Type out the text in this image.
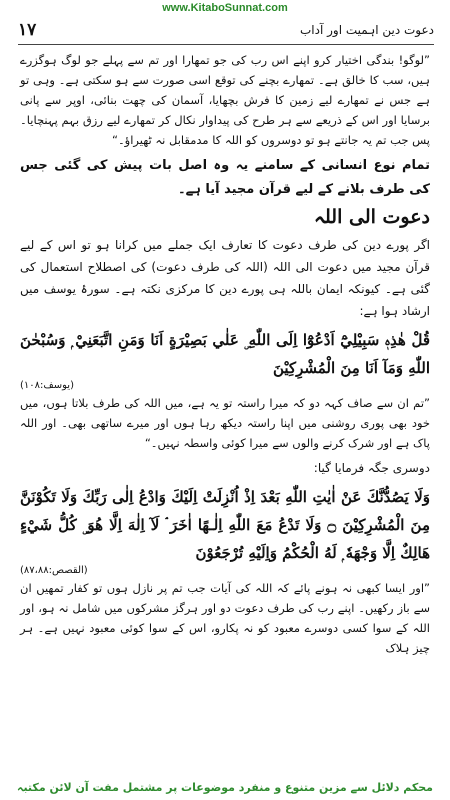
www.KitaboSunnat.com
۱۷	دعوت دین اہمیت اور آداب

”لوگو! بندگی اختیار کرو اپنے اس رب کی جو تمھارا اور تم سے پہلے جو لوگ ہوگزرے ہیں، سب کا خالق ہے۔ تمھارے بچنے کی توقع اسی صورت سے ہو سکتی ہے۔ وہی تو ہے جس نے تمھارے لیے زمین کا فرش بچھایا، آسمان کی چھت بنائی، اوپر سے پانی برسایا اور اس کے ذریعے سے ہر طرح کی پیداوار نکال کر تمھارے لیے رزق بہم پہنچایا۔ پس جب تم یہ جانتے ہو تو دوسروں کو اللہ کا مدمقابل نہ ٹھیراؤ۔“

تمام نوع انسانی کے سامنے یہ وہ اصل بات پیش کی گئی جس کی طرف بلانے کے لیے قرآن مجید آیا ہے۔

دعوت الی اللہ

اگر پورے دین کی طرف دعوت کا تعارف ایک جملے میں کرانا ہو تو اس کے لیے قرآن مجید میں دعوت الی اللہ (اللہ کی طرف دعوت) کی اصطلاح استعمال کی گئی ہے۔ کیونکہ ایمان باللہ ہی پورے دین کا مرکزی نکتہ ہے۔ سورۂ یوسف میں ارشاد ہوا ہے:

قُلْ هٰذِهٖ سَبِيْلِيْٓ اَدْعُوْٓا اِلَى اللّٰهِ ۣ عَلٰي بَصِيْرَةٍ اَنَا وَمَنِ اتَّبَعَنِيْ ۭ وَسُبْحٰنَ اللّٰهِ وَمَآ اَنَا مِنَ الْمُشْرِكِيْنَ
(یوسف:۱۰۸)

”تم ان سے صاف کہہ دو کہ میرا راستہ تو یہ ہے، میں اللہ کی طرف بلاتا ہوں، میں خود بھی پوری روشنی میں اپنا راستہ دیکھ رہا ہوں اور میرے ساتھی بھی۔ اور اللہ پاک ہے اور شرک کرنے والوں سے میرا کوئی واسطہ نہیں۔“

دوسری جگہ فرمایا گیا:

وَلَا يَصُدُّنَّكَ عَنْ اٰيٰتِ اللّٰهِ بَعْدَ اِذْ اُنْزِلَتْ اِلَيْكَ وَادْعُ اِلٰى رَبِّكَ وَلَا تَكُوْنَنَّ مِنَ الْمُشْرِكِيْنَ ۝ وَلَا تَدْعُ مَعَ اللّٰهِ اِلٰـهًا اٰخَرَ ۘ لَآ اِلٰهَ اِلَّا هُوَ ۣ كُلُّ شَيْءٍ هَالِكٌ اِلَّا وَجْهَهٗ ۭ لَهُ الْحُكْمُ وَاِلَيْهِ تُرْجَعُوْنَ
(القصص:۸۷،۸۸)

”اور ایسا کبھی نہ ہونے پائے کہ اللہ کی آیات جب تم پر نازل ہوں تو کفار تمھیں ان سے باز رکھیں۔ اپنے رب کی طرف دعوت دو اور ہرگز مشرکوں میں شامل نہ ہو، اور اللہ کے سوا کسی دوسرے معبود کو نہ پکارو، اس کے سوا کوئی معبود نہیں ہے۔ ہر چیز ہلاک

محکم دلائل سے مزین متنوع و منفرد موضوعات پر مشتمل مفت آن لائن مکتبہ
